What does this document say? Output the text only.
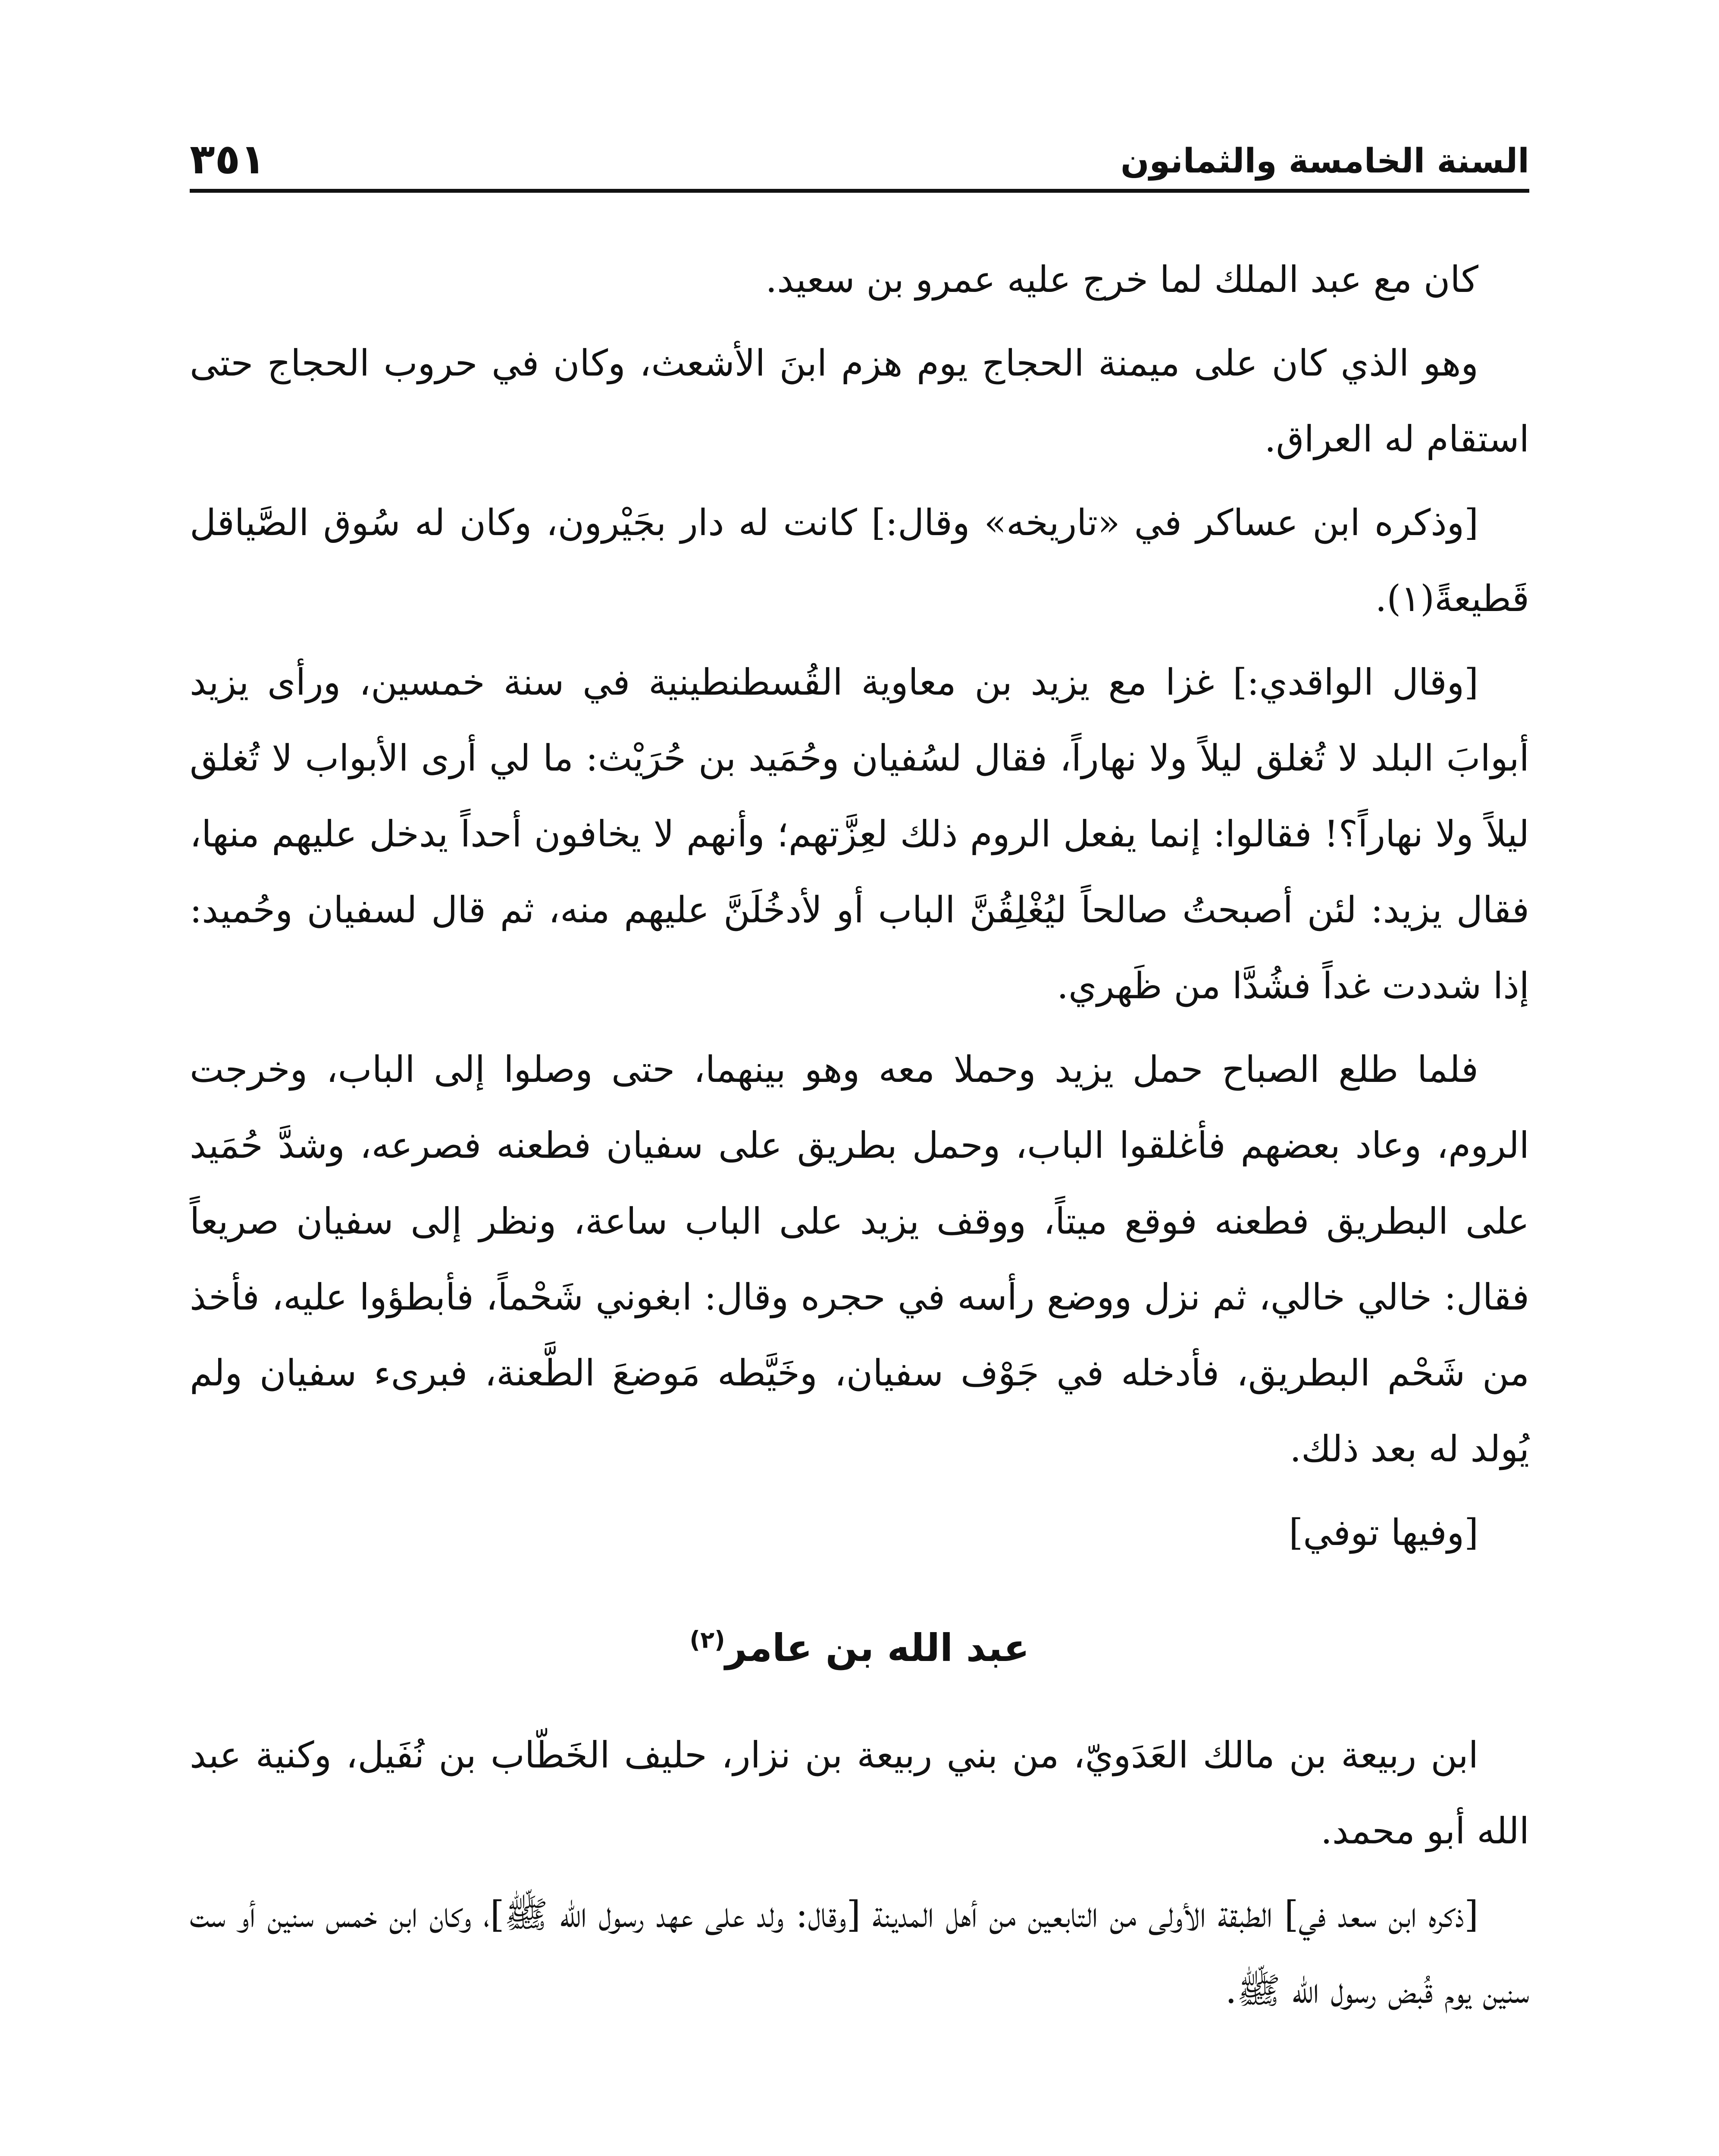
السنة الخامسة والثمانون
٣٥١

كان مع عبد الملك لما خرج عليه عمرو بن سعيد.

وهو الذي كان على ميمنة الحجاج يوم هزم ابنَ الأشعث، وكان في حروب الحجاج حتى استقام له العراق.

[وذكره ابن عساكر في «تاريخه» وقال:] كانت له دار بجَيْرون، وكان له سُوق الصَّياقل قَطيعةً(١).

[وقال الواقدي:] غزا مع يزيد بن معاوية القُسطنطينية في سنة خمسين، ورأى يزيد أبوابَ البلد لا تُغلق ليلاً ولا نهاراً، فقال لسُفيان وحُمَيد بن حُرَيْث: ما لي أرى الأبواب لا تُغلق ليلاً ولا نهاراً؟! فقالوا: إنما يفعل الروم ذلك لعِزَّتهم؛ وأنهم لا يخافون أحداً يدخل عليهم منها، فقال يزيد: لئن أصبحتُ صالحاً ليُغْلِقُنَّ الباب أو لأدخُلَنَّ عليهم منه، ثم قال لسفيان وحُميد: إذا شددت غداً فشُدَّا من ظَهري.

فلما طلع الصباح حمل يزيد وحملا معه وهو بينهما، حتى وصلوا إلى الباب، وخرجت الروم، وعاد بعضهم فأغلقوا الباب، وحمل بطريق على سفيان فطعنه فصرعه، وشدَّ حُمَيد على البطريق فطعنه فوقع ميتاً، ووقف يزيد على الباب ساعة، ونظر إلى سفيان صريعاً فقال: خالي خالي، ثم نزل ووضع رأسه في حجره وقال: ابغوني شَحْماً، فأبطؤوا عليه، فأخذ من شَحْم البطريق، فأدخله في جَوْف سفيان، وخَيَّطه مَوضعَ الطَّعنة، فبرىء سفيان ولم يُولد له بعد ذلك.

[وفيها توفي]

عبد الله بن عامر$^{(٢)}$

ابن ربيعة بن مالك العَدَويّ، من بني ربيعة بن نزار، حليف الخَطّاب بن نُفَيل، وكنية عبد الله أبو محمد.

[ذكره ابن سعد في] الطبقة الأولى من التابعين من أهل المدينة [وقال: ولد على عهد رسول الله ﷺ]، وكان ابن خمس سنين أو ست سنين يوم قُبض رسول الله ﷺ.
